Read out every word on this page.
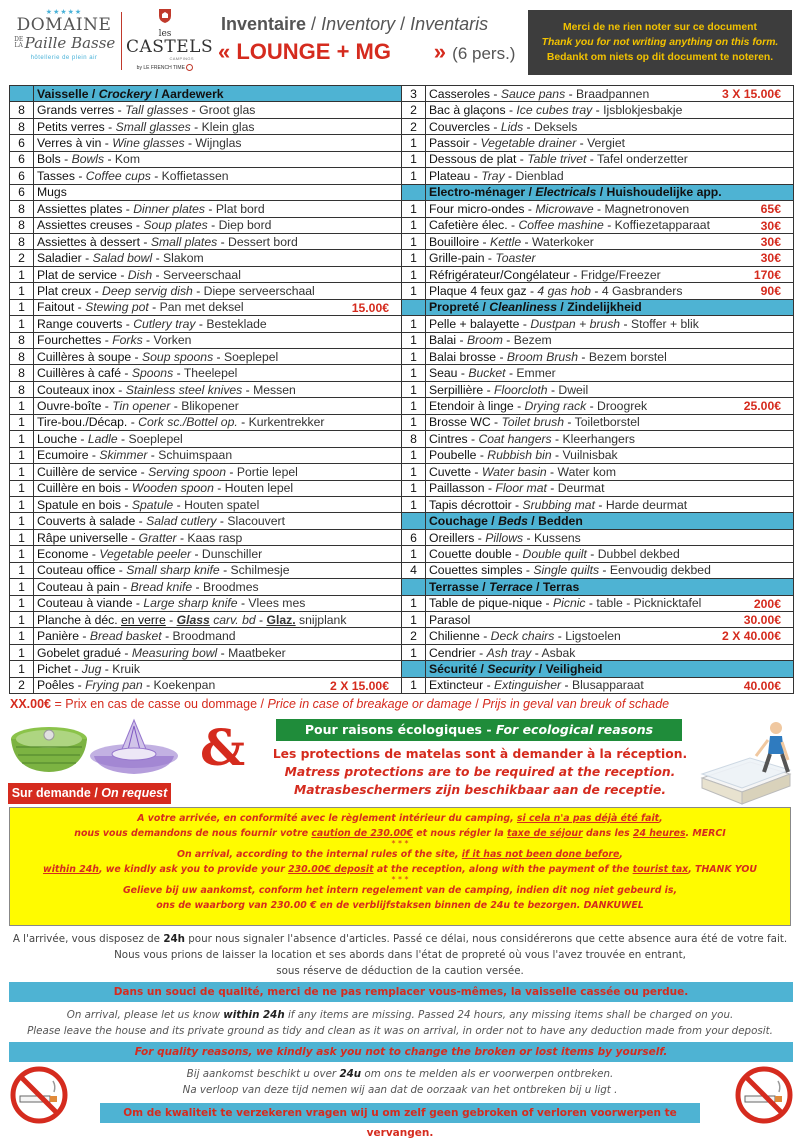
★★★★★
DOMAINE
DE LA Paille Basse
hôtellerie de plein air
les
CASTELS
CAMPINGS
by LE FRENCH TIME
Inventaire / Inventory / Inventaris
« LOUNGE + MG » (6 pers.)
Merci de ne rien noter sur ce document
Thank you for not writing anything on this form.
Bedankt om niets op dit document te noteren.
	Vaisselle / Crockery / Aardewerk	3	Casseroles - Sauce pans - Braadpannen 3 X 15.00€

8	Grands verres - Tall glasses - Groot glas	2	Bac à glaçons - Ice cubes tray - Ijsblokjesbakje
8	Petits verres - Small glasses - Klein glas	2	Couvercles - Lids - Deksels
6	Verres à vin - Wine glasses - Wijnglas	1	Passoir - Vegetable drainer - Vergiet
6	Bols - Bowls - Kom	1	Dessous de plat - Table trivet - Tafel onderzetter
6	Tasses - Coffee cups - Koffietassen	1	Plateau - Tray - Dienblad
6	Mugs		Electro-ménager / Electricals / Huishoudelijke app.
8	Assiettes plates - Dinner plates - Plat bord	1	Four micro-ondes - Microwave - Magnetronoven 65€

8	Assiettes creuses - Soup plates - Diep bord	1	Cafetière élec. - Coffee mashine - Koffiezetapparaat 30€

8	Assiettes à dessert - Small plates - Dessert bord	1	Bouilloire - Kettle - Waterkoker 30€

2	Saladier - Salad bowl - Slakom	1	Grille-pain - Toaster 30€

1	Plat de service - Dish - Serveerschaal	1	Réfrigérateur/Congélateur - Fridge/Freezer 170€

1	Plat creux - Deep servig dish - Diepe serveerschaal	1	Plaque 4 feux gaz - 4 gas hob - 4 Gasbranders 90€

1	Faitout - Stewing pot - Pan met deksel 15.00€		Propreté / Cleanliness / Zindelijkheid
1	Range couverts - Cutlery tray - Besteklade	1	Pelle + balayette - Dustpan + brush - Stoffer + blik
8	Fourchettes - Forks - Vorken	1	Balai - Broom - Bezem
8	Cuillères à soupe - Soup spoons - Soeplepel	1	Balai brosse - Broom Brush - Bezem borstel
8	Cuillères à café - Spoons - Theelepel	1	Seau - Bucket - Emmer
8	Couteaux inox - Stainless steel knives - Messen	1	Serpillière - Floorcloth - Dweil
1	Ouvre-boîte - Tin opener - Blikopener	1	Etendoir à linge - Drying rack - Droogrek 25.00€

1	Tire-bou./Décap. - Cork sc./Bottel op. - Kurkentrekker	1	Brosse WC - Toilet brush - Toiletborstel
1	Louche - Ladle - Soeplepel	8	Cintres - Coat hangers - Kleerhangers
1	Ecumoire - Skimmer - Schuimspaan	1	Poubelle - Rubbish bin - Vuilnisbak
1	Cuillère de service - Serving spoon - Portie lepel	1	Cuvette - Water basin - Water kom
1	Cuillère en bois - Wooden spoon - Houten lepel	1	Paillasson - Floor mat - Deurmat
1	Spatule en bois - Spatule - Houten spatel	1	Tapis décrottoir - Srubbing mat - Harde deurmat
1	Couverts à salade - Salad cutlery - Slacouvert		Couchage / Beds / Bedden
1	Râpe universelle - Gratter - Kaas rasp	6	Oreillers - Pillows - Kussens
1	Econome - Vegetable peeler - Dunschiller	1	Couette double - Double quilt - Dubbel dekbed
1	Couteau office - Small sharp knife - Schilmesje	4	Couettes simples - Single quilts - Eenvoudig dekbed
1	Couteau à pain - Bread knife - Broodmes		Terrasse / Terrace / Terras
1	Couteau à viande - Large sharp knife - Vlees mes	1	Table de pique-nique - Picnic - table - Picknicktafel 200€

1	Planche à déc. en verre - Glass carv. bd - Glaz. snijplank	1	Parasol 30.00€

1	Panière - Bread basket - Broodmand	2	Chilienne - Deck chairs - Ligstoelen 2 X 40.00€

1	Gobelet gradué - Measuring bowl - Maatbeker	1	Cendrier - Ash tray - Asbak
1	Pichet - Jug - Kruik		Sécurité / Security / Veiligheid
2	Poêles - Frying pan - Koekenpan 2 X 15.00€	1	Extincteur - Extinguisher - Blusapparaat 40.00€
XX.00€ = Prix en cas de casse ou dommage / Price in case of breakage or damage / Prijs in geval van breuk of schade
&
Sur demande / On request
Pour raisons écologiques - For ecological reasons
Les protections de matelas sont à demander à la réception.
Matress protections are to be required at the reception.
Matrasbeschermers zijn beschikbaar aan de receptie.
A votre arrivée, en conformité avec le règlement intérieur du camping, si cela n'a pas déjà été fait,
nous vous demandons de nous fournir votre caution de 230.00€ et nous régler la taxe de séjour dans les 24 heures. MERCI
* * *
On arrival, according to the internal rules of the site, if it has not been done before,
within 24h, we kindly ask you to provide your 230.00€ deposit at the reception, along with the payment of the tourist tax, THANK YOU
* * *
Gelieve bij uw aankomst, conform het intern regelement van de camping, indien dit nog niet gebeurd is,
ons de waarborg van 230.00 € en de verblijfstaksen binnen de 24u te bezorgen. DANKUWEL
A l'arrivée, vous disposez de 24h pour nous signaler l'absence d'articles. Passé ce délai, nous considérerons que cette absence aura été de votre fait.
Nous vous prions de laisser la location et ses abords dans l'état de propreté où vous l'avez trouvée en entrant,
sous réserve de déduction de la caution versée.
Dans un souci de qualité, merci de ne pas remplacer vous-mêmes, la vaisselle cassée ou perdue.
On arrival, please let us know within 24h if any items are missing. Passed 24 hours, any missing items shall be charged on you.
Please leave the house and its private ground as tidy and clean as it was on arrival, in order not to have any deduction made from your deposit.
For quality reasons, we kindly ask you not to change the broken or lost items by yourself.
Bij aankomst beschikt u over 24u om ons te melden als er voorwerpen ontbreken.
Na verloop van deze tijd nemen wij aan dat de oorzaak van het ontbreken bij u ligt .
Om de kwaliteit te verzekeren vragen wij u om zelf geen gebroken of verloren voorwerpen te vervangen.
